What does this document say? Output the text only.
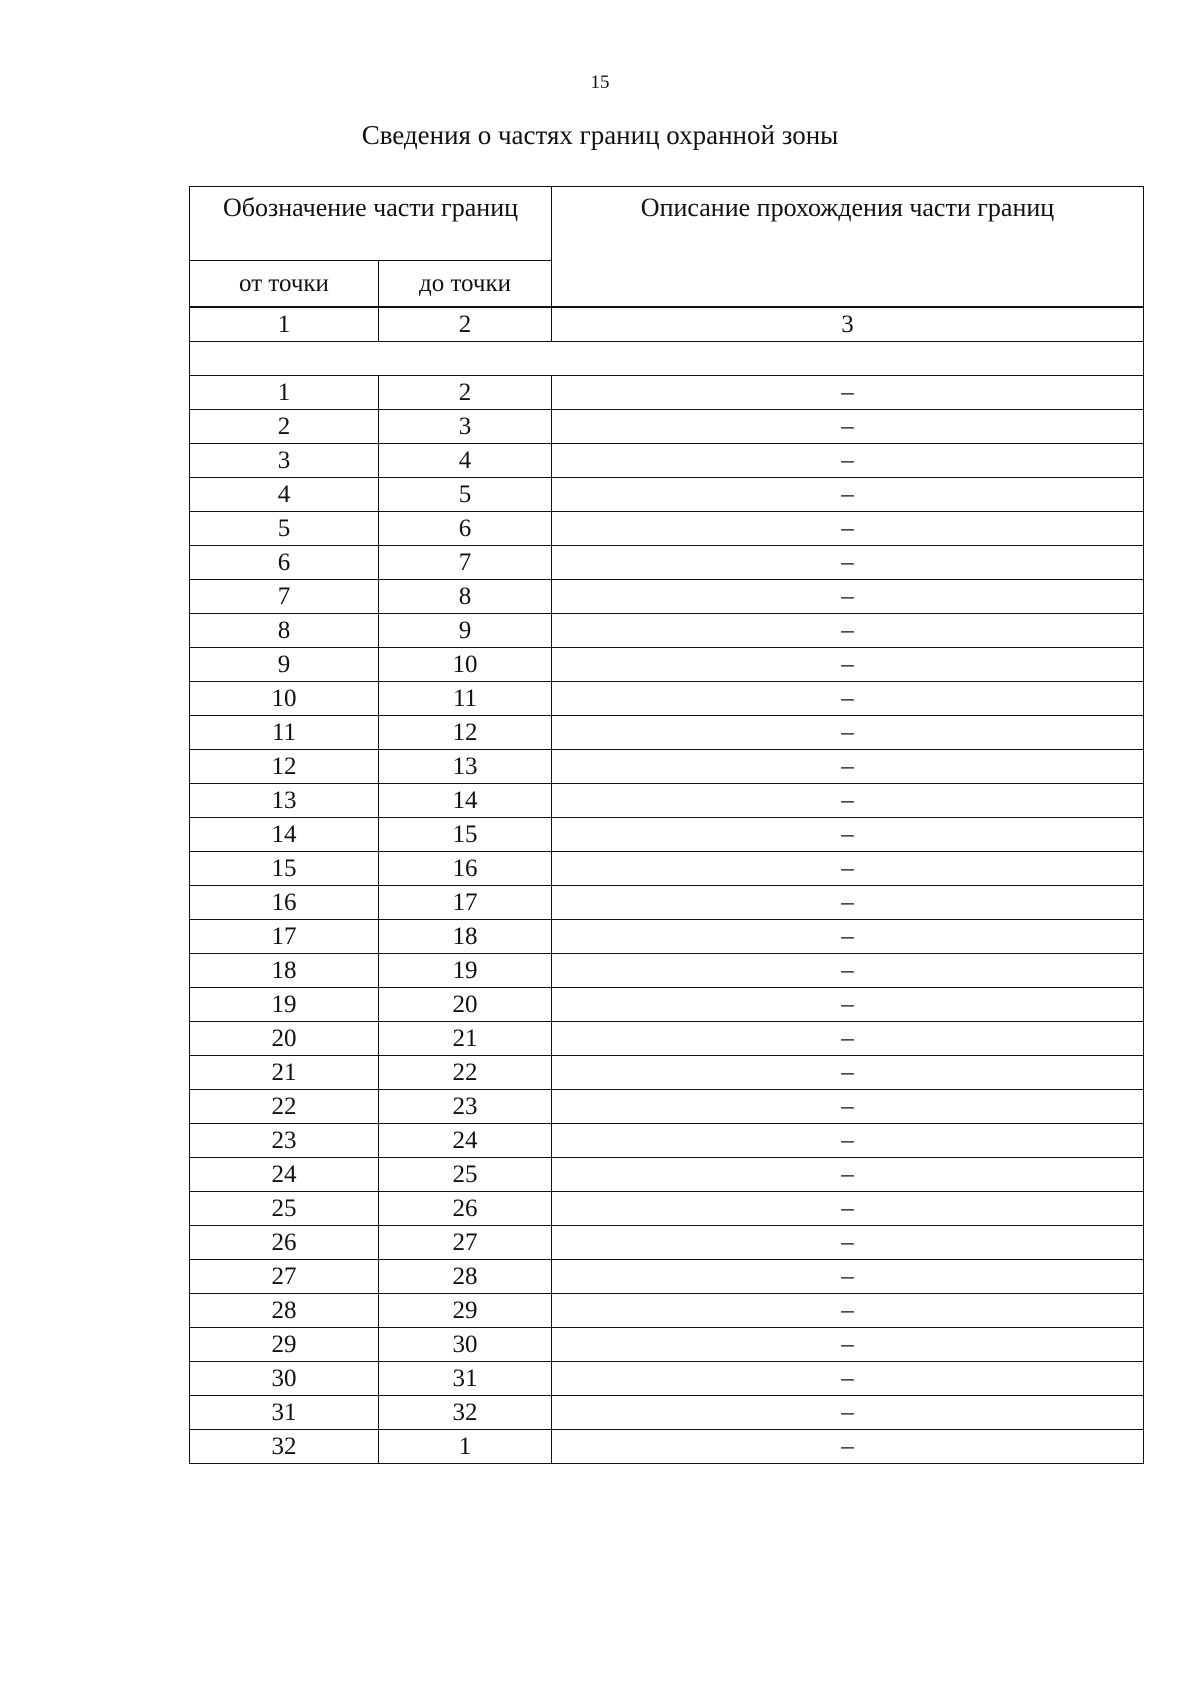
15
Сведения о частях границ охранной зоны
Обозначение части границ		Описание прохождения части границ
от точки	до точки	
1	2	3

1	2	–
2	3	–
3	4	–
4	5	–
5	6	–
6	7	–
7	8	–
8	9	–
9	10	–
10	11	–
11	12	–
12	13	–
13	14	–
14	15	–
15	16	–
16	17	–
17	18	–
18	19	–
19	20	–
20	21	–
21	22	–
22	23	–
23	24	–
24	25	–
25	26	–
26	27	–
27	28	–
28	29	–
29	30	–
30	31	–
31	32	–
32	1	–
